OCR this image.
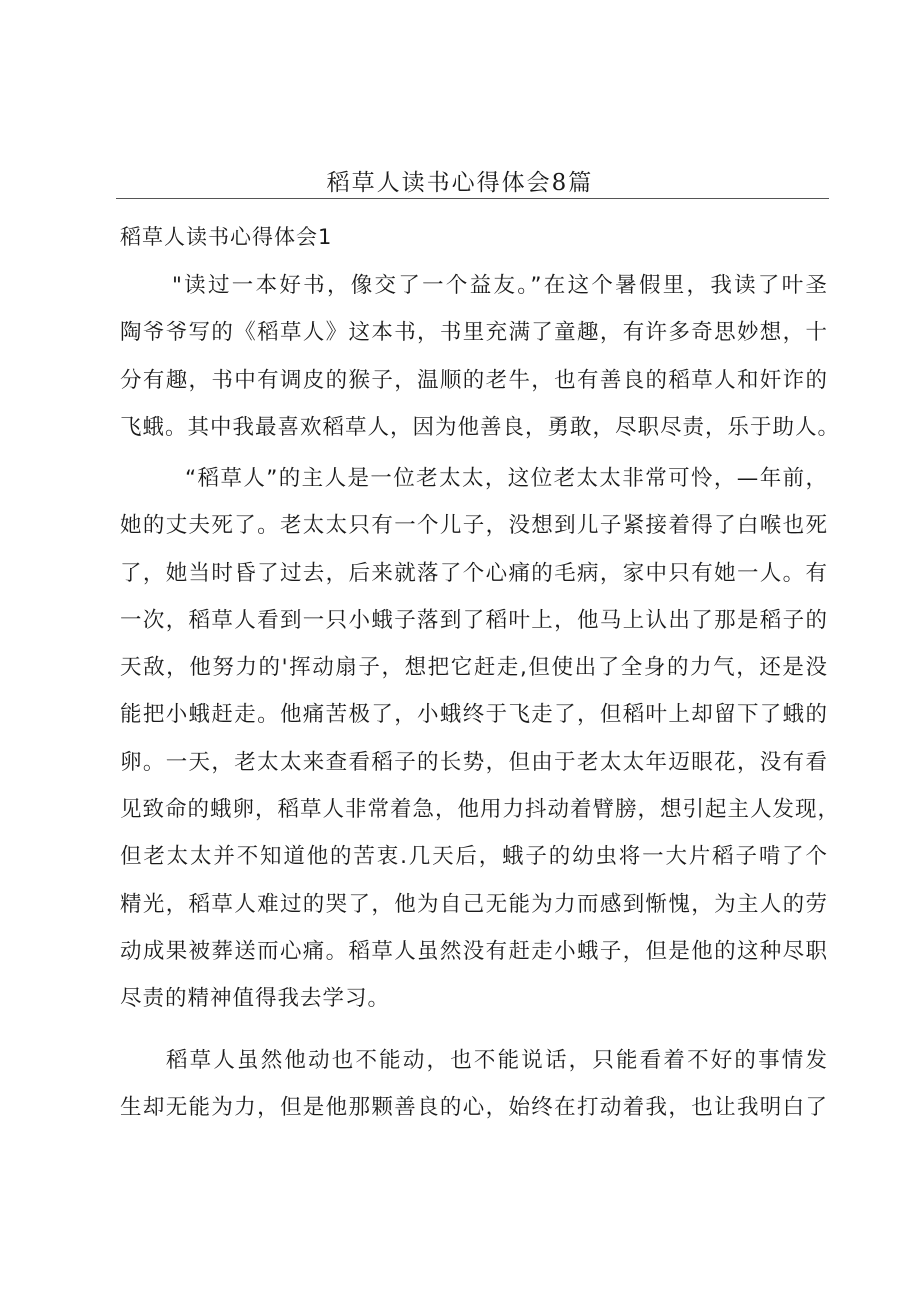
稻草人读书心得体会8篇
稻草人读书心得体会1

"读过一本好书，像交了一个益友。”在这个暑假里，我读了叶圣
陶爷爷写的《稻草人》这本书，书里充满了童趣，有许多奇思妙想，十
分有趣，书中有调皮的猴子，温顺的老牛，也有善良的稻草人和奸诈的
飞蛾。其中我最喜欢稻草人，因为他善良，勇敢，尽职尽责，乐于助人。

“稻草人”的主人是一位老太太，这位老太太非常可怜，—年前，
她的丈夫死了。老太太只有一个儿子，没想到儿子紧接着得了白喉也死
了，她当时昏了过去，后来就落了个心痛的毛病，家中只有她一人。有
一次，稻草人看到一只小蛾子落到了稻叶上，他马上认出了那是稻子的
天敌，他努力的'挥动扇子，想把它赶走,但使出了全身的力气，还是没
能把小蛾赶走。他痛苦极了，小蛾终于飞走了，但稻叶上却留下了蛾的
卵。一天，老太太来查看稻子的长势，但由于老太太年迈眼花，没有看
见致命的蛾卵，稻草人非常着急，他用力抖动着臂膀，想引起主人发现，
但老太太并不知道他的苦衷.几天后，蛾子的幼虫将一大片稻子啃了个
精光，稻草人难过的哭了，他为自己无能为力而感到惭愧，为主人的劳
动成果被葬送而心痛。稻草人虽然没有赶走小蛾子，但是他的这种尽职
尽责的精神值得我去学习。

稻草人虽然他动也不能动，也不能说话，只能看着不好的事情发
生却无能为力，但是他那颗善良的心，始终在打动着我，也让我明白了
